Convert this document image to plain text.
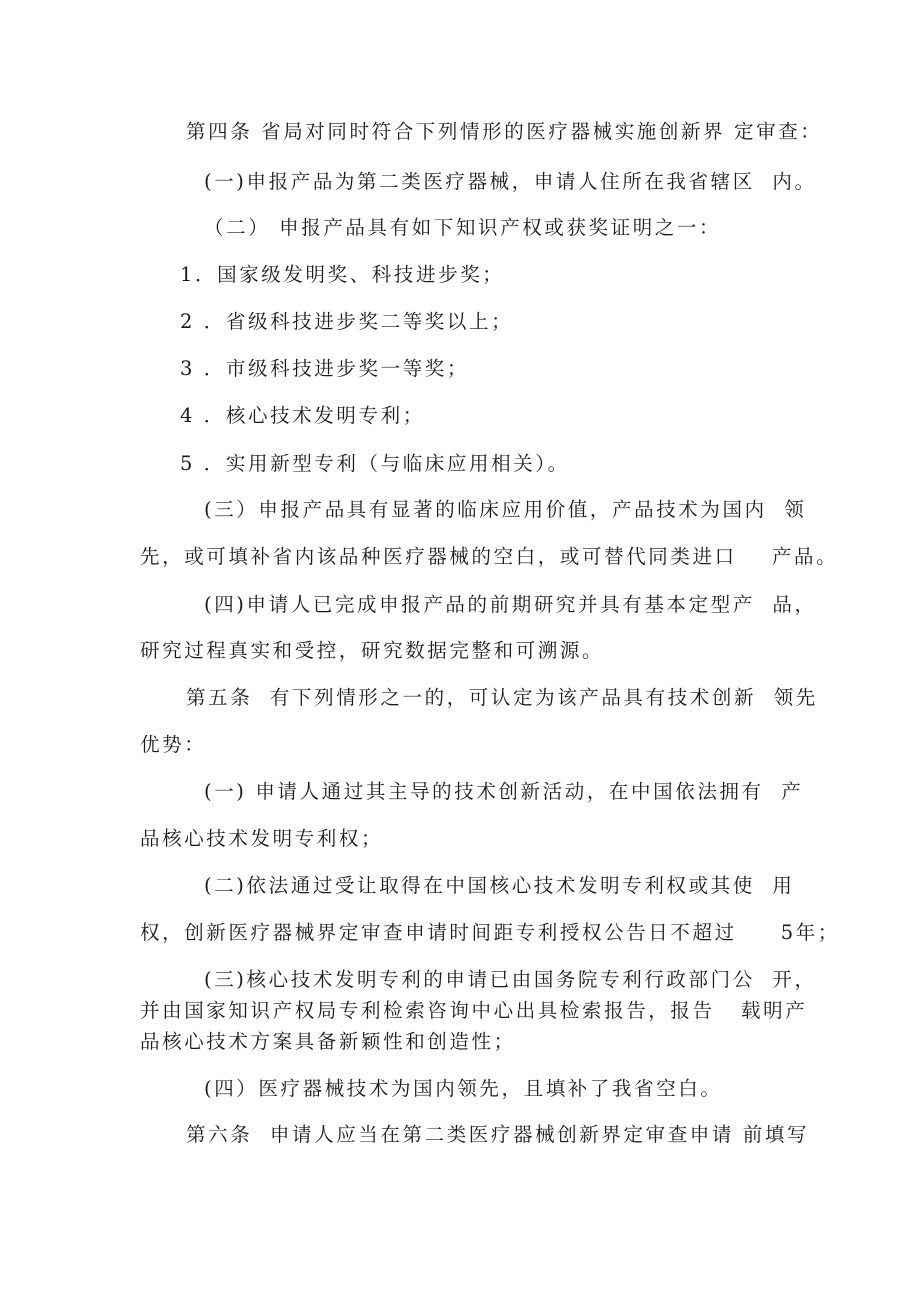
第四条 省局对同时符合下列情形的医疗器械实施创新界 定审查：
(一)申报产品为第二类医疗器械，申请人住所在我省辖区  内。
（二） 申报产品具有如下知识产权或获奖证明之一：
1．国家级发明奖、科技进步奖；
2 ．省级科技进步奖二等奖以上；
3 ．市级科技进步奖一等奖；
4 ．核心技术发明专利；
5 ．实用新型专利（与临床应用相关）。
(三）申报产品具有显著的临床应用价值，产品技术为国内  领
先，或可填补省内该品种医疗器械的空白，或可替代同类进口    产品。
(四)申请人已完成申报产品的前期研究并具有基本定型产  品，
研究过程真实和受控，研究数据完整和可溯源。
第五条  有下列情形之一的，可认定为该产品具有技术创新  领先
优势：
(一) 申请人通过其主导的技术创新活动，在中国依法拥有  产
品核心技术发明专利权；
(二)依法通过受让取得在中国核心技术发明专利权或其使  用
权，创新医疗器械界定审查申请时间距专利授权公告日不超过     5年；
(三)核心技术发明专利的申请已由国务院专利行政部门公  开，
并由国家知识产权局专利检索咨询中心出具检索报告，报告   载明产
品核心技术方案具备新颖性和创造性；
(四）医疗器械技术为国内领先，且填补了我省空白。
第六条  申请人应当在第二类医疗器械创新界定审查申请 前填写
